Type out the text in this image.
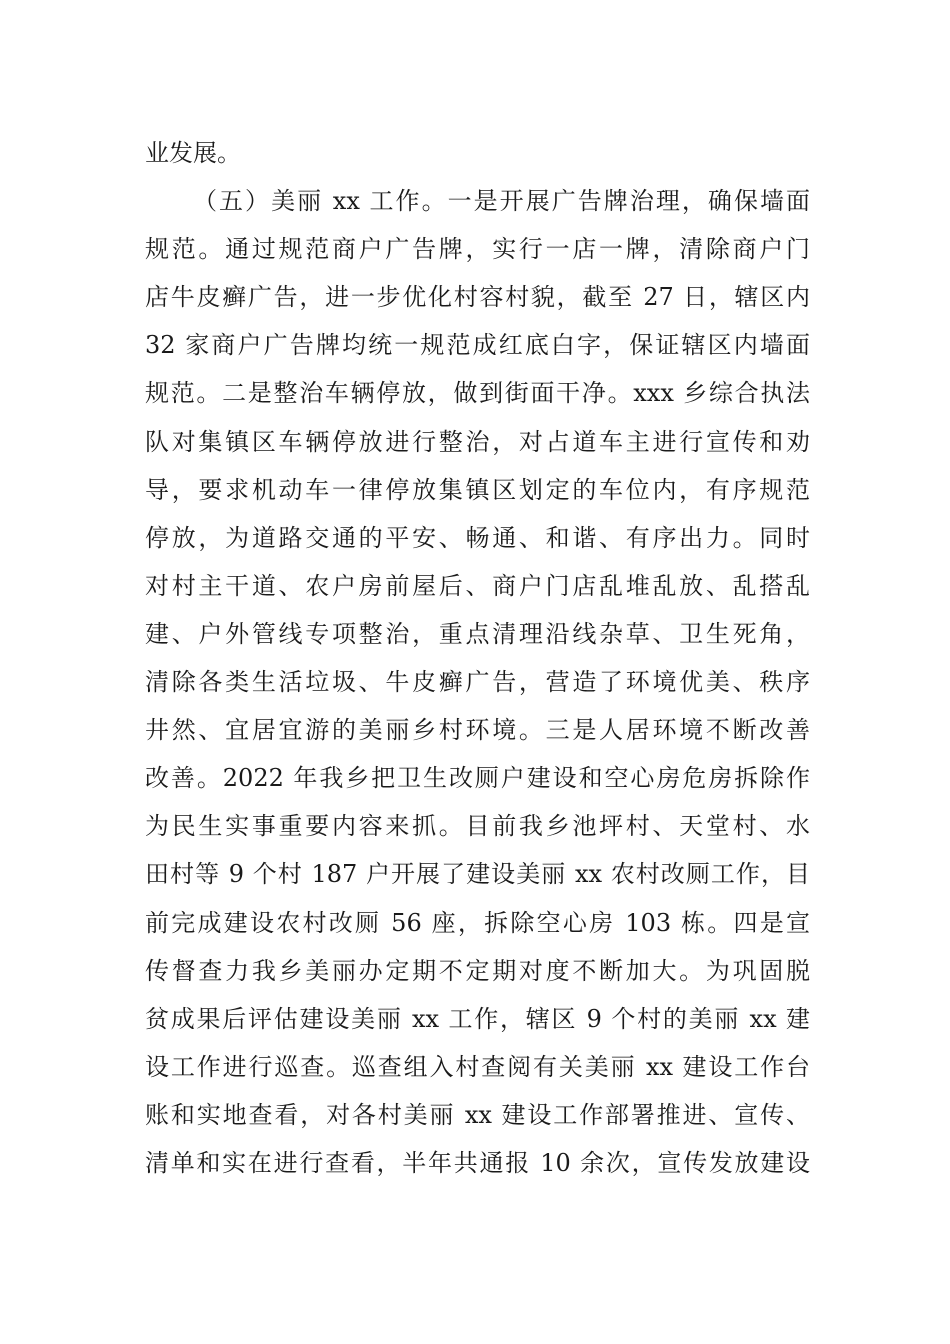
业发展。
（五）美丽 xx 工作。一是开展广告牌治理，确保墙面
规范。通过规范商户广告牌，实行一店一牌，清除商户门
店牛皮癣广告，进一步优化村容村貌，截至 27 日，辖区内
32 家商户广告牌均统一规范成红底白字，保证辖区内墙面
规范。二是整治车辆停放，做到街面干净。xxx 乡综合执法
队对集镇区车辆停放进行整治，对占道车主进行宣传和劝
导，要求机动车一律停放集镇区划定的车位内，有序规范
停放，为道路交通的平安、畅通、和谐、有序出力。同时
对村主干道、农户房前屋后、商户门店乱堆乱放、乱搭乱
建、户外管线专项整治，重点清理沿线杂草、卫生死角，
清除各类生活垃圾、牛皮癣广告，营造了环境优美、秩序
井然、宜居宜游的美丽乡村环境。三是人居环境不断改善
改善。2022 年我乡把卫生改厕户建设和空心房危房拆除作
为民生实事重要内容来抓。目前我乡池坪村、天堂村、水
田村等 9 个村 187 户开展了建设美丽 xx 农村改厕工作，目
前完成建设农村改厕 56 座，拆除空心房 103 栋。四是宣
传督查力我乡美丽办定期不定期对度不断加大。为巩固脱
贫成果后评估建设美丽 xx 工作，辖区 9 个村的美丽 xx 建
设工作进行巡查。巡查组入村查阅有关美丽 xx 建设工作台
账和实地查看，对各村美丽 xx 建设工作部署推进、宣传、
清单和实在进行查看，半年共通报 10 余次，宣传发放建设
